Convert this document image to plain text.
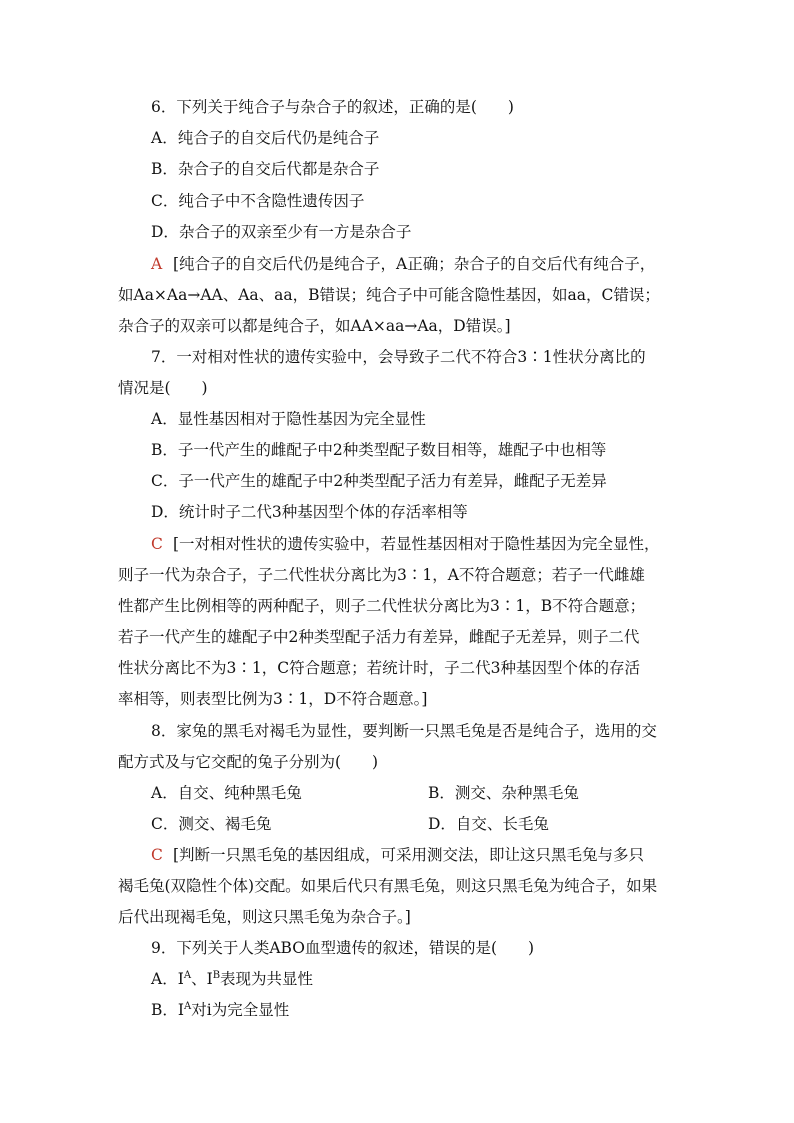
6．下列关于纯合子与杂合子的叙述，正确的是(　　)
A．纯合子的自交后代仍是纯合子
B．杂合子的自交后代都是杂合子
C．纯合子中不含隐性遗传因子
D．杂合子的双亲至少有一方是杂合子
A [纯合子的自交后代仍是纯合子，A正确；杂合子的自交后代有纯合子，
如Aa×Aa→AA、Aa、aa，B错误；纯合子中可能含隐性基因，如aa，C错误；
杂合子的双亲可以都是纯合子，如AA×aa→Aa，D错误。]
7．一对相对性状的遗传实验中，会导致子二代不符合3∶1性状分离比的
情况是(　　)
A．显性基因相对于隐性基因为完全显性
B．子一代产生的雌配子中2种类型配子数目相等，雄配子中也相等
C．子一代产生的雄配子中2种类型配子活力有差异，雌配子无差异
D．统计时子二代3种基因型个体的存活率相等
C [一对相对性状的遗传实验中，若显性基因相对于隐性基因为完全显性，
则子一代为杂合子，子二代性状分离比为3∶1，A不符合题意；若子一代雌雄
性都产生比例相等的两种配子，则子二代性状分离比为3∶1，B不符合题意；
若子一代产生的雄配子中2种类型配子活力有差异，雌配子无差异，则子二代
性状分离比不为3∶1，C符合题意；若统计时，子二代3种基因型个体的存活
率相等，则表型比例为3∶1，D不符合题意。]
8．家兔的黑毛对褐毛为显性，要判断一只黑毛兔是否是纯合子，选用的交
配方式及与它交配的兔子分别为(　　)
A．自交、纯种黑毛兔	B．测交、杂种黑毛兔
C．测交、褐毛兔	D．自交、长毛兔
C [判断一只黑毛兔的基因组成，可采用测交法，即让这只黑毛兔与多只
褐毛兔(双隐性个体)交配。如果后代只有黑毛兔，则这只黑毛兔为纯合子，如果
后代出现褐毛兔，则这只黑毛兔为杂合子。]
9．下列关于人类ABO血型遗传的叙述，错误的是(　　)
A．$I^A$、$I^B$表现为共显性
B．$I^A$对i为完全显性
